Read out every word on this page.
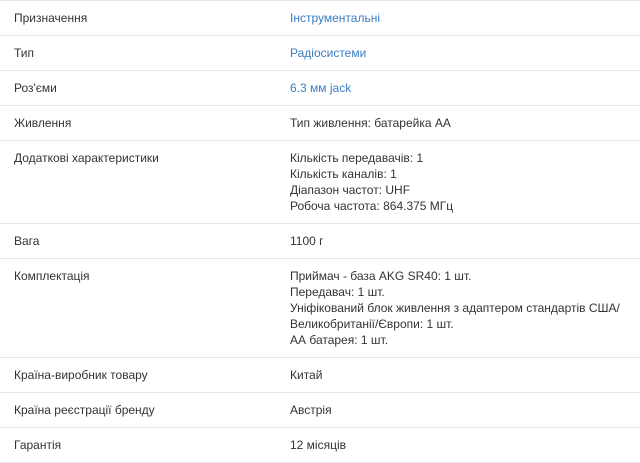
Призначення	Інструментальні
Тип	Радіосистеми
Роз'єми	6.3 мм jack
Живлення	Тип живлення: батарейка AA

Додаткові характеристики	Кількість передавачів: 1
Кількість каналів: 1
Діапазон частот: UHF
Робоча частота: 864.375 МГц

Вага	1100 г

Комплектація	Приймач - база AKG SR40: 1 шт.
Передавач: 1 шт.
Уніфікований блок живлення з адаптером стандартів США/
Великобританії/Європи: 1 шт.
АА батарея: 1 шт.

Країна-виробник товару	Китай

Країна реєстрації бренду	Австрія

Гарантія	12 місяців
